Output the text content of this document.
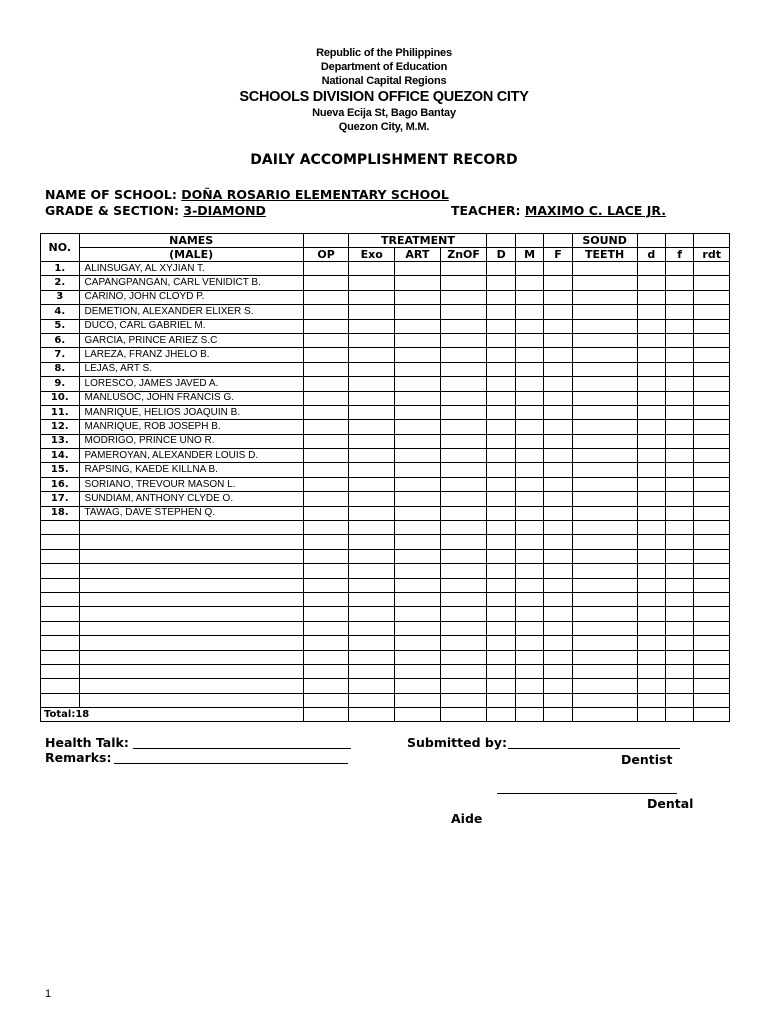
Republic of the Philippines
Department of Education
National Capital Regions
SCHOOLS DIVISION OFFICE QUEZON CITY
Nueva Ecija St, Bago Bantay
Quezon City, M.M.
DAILY ACCOMPLISHMENT RECORD
NAME OF SCHOOL: DOÑA ROSARIO ELEMENTARY SCHOOL
GRADE & SECTION: 3-DIAMOND	TEACHER: MAXIMO C. LACE JR.
NO.	NAMES		TREATMENT						SOUND			
	(MALE)	OP	Exo	ART	ZnOF	D	M	F	TEETH	d	f	rdt
1.	ALINSUGAY, AL XYJIAN T.											
2.	CAPANGPANGAN, CARL VENIDICT B.											
3	CARIÑO, JOHN CLOYD P.											
4.	DEMETION, ALEXANDER ELIXER S.											
5.	DUCO, CARL GABRIEL M.											
6.	GARCIA, PRINCE ARIEZ S.C											
7.	LAREZA, FRANZ JHELO B.											
8.	LEJAS, ART S.											
9.	LORESCO, JAMES JAVED A.											
10.	MANLUSOC, JOHN FRANCIS G.											
11.	MANRIQUE, HELIOS JOAQUIN B.											
12.	MANRIQUE, ROB JOSEPH B.											
13.	MODRIGO, PRINCE UNO R.											
14.	PAMEROYAN, ALEXANDER LOUIS D.											
15.	RAPSING, KAEDE KILLNA B.											
16.	SORIANO, TREVOUR MASON L.											
17.	SUNDIAM, ANTHONY CLYDE O.											
18.	TAWAG, DAVE STEPHEN Q.											

Total:18												
Health Talk:
Remarks:
Submitted by:
Dentist
Dental
Aide
1
